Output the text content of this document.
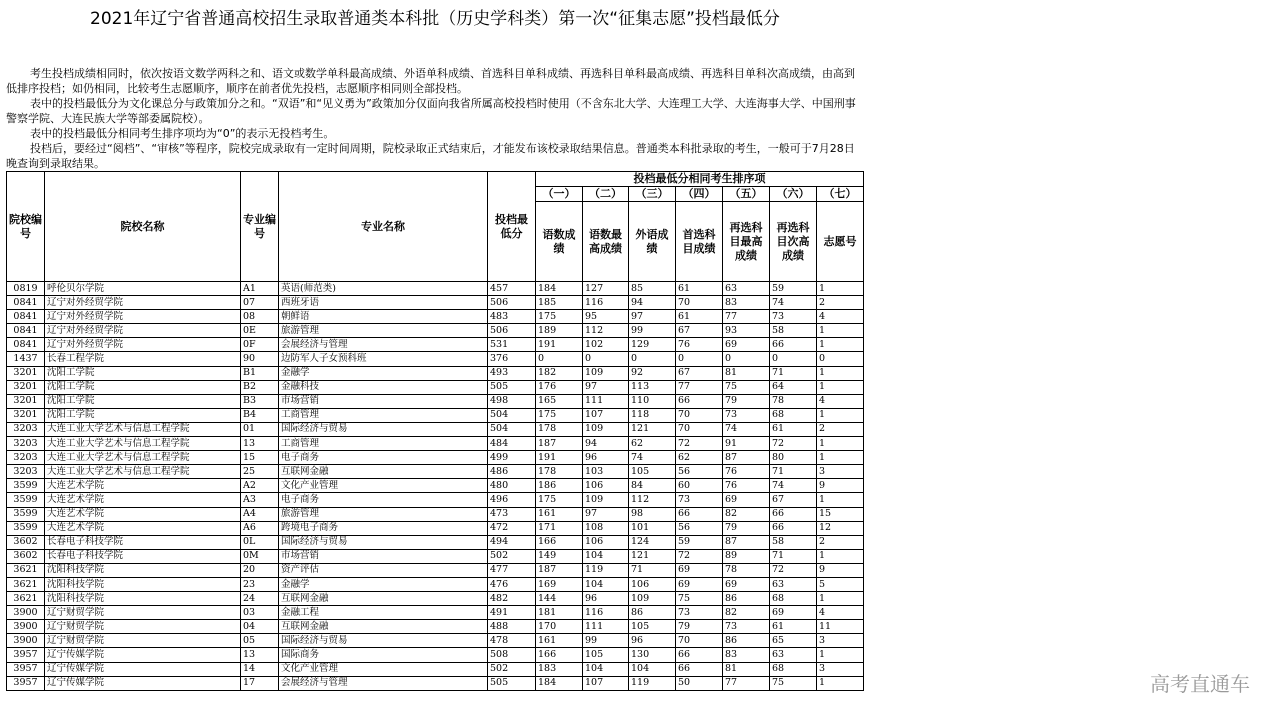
2021年辽宁省普通高校招生录取普通类本科批（历史学科类）第一次“征集志愿”投档最低分

考生投档成绩相同时，依次按语文数学两科之和、语文或数学单科最高成绩、外语单科成绩、首选科目单科成绩、再选科目单科最高成绩、再选科目单科次高成绩，由高到低排序投档；如仍相同，比较考生志愿顺序，顺序在前者优先投档，志愿顺序相同则全部投档。

表中的投档最低分为文化课总分与政策加分之和。“双语”和“见义勇为”政策加分仅面向我省所属高校投档时使用（不含东北大学、大连理工大学、大连海事大学、中国刑事警察学院、大连民族大学等部委属院校）。

表中的投档最低分相同考生排序项均为“0”的表示无投档考生。

投档后，要经过“阅档”、“审核”等程序，院校完成录取有一定时间周期，院校录取正式结束后，才能发布该校录取结果信息。普通类本科批录取的考生，一般可于7月28日晚查询到录取结果。

院校编号	院校名称	专业编号	专业名称	投档最低分	投档最低分相同考生排序项						
					（一）	（二）	（三）	（四）	（五）	（六）	（七）
					语数成绩	语数最高成绩	外语成绩	首选科目成绩	再选科目最高成绩	再选科目次高成绩	志愿号
0819	呼伦贝尔学院	A1	英语(师范类)	457	184	127	85	61	63	59	1
0841	辽宁对外经贸学院	07	西班牙语	506	185	116	94	70	83	74	2
0841	辽宁对外经贸学院	08	朝鲜语	483	175	95	97	61	77	73	4
0841	辽宁对外经贸学院	0E	旅游管理	506	189	112	99	67	93	58	1
0841	辽宁对外经贸学院	0F	会展经济与管理	531	191	102	129	76	69	66	1
1437	长春工程学院	90	边防军人子女预科班	376	0	0	0	0	0	0	0
3201	沈阳工学院	B1	金融学	493	182	109	92	67	81	71	1
3201	沈阳工学院	B2	金融科技	505	176	97	113	77	75	64	1
3201	沈阳工学院	B3	市场营销	498	165	111	110	66	79	78	4
3201	沈阳工学院	B4	工商管理	504	175	107	118	70	73	68	1
3203	大连工业大学艺术与信息工程学院	01	国际经济与贸易	504	178	109	121	70	74	61	2
3203	大连工业大学艺术与信息工程学院	13	工商管理	484	187	94	62	72	91	72	1
3203	大连工业大学艺术与信息工程学院	15	电子商务	499	191	96	74	62	87	80	1
3203	大连工业大学艺术与信息工程学院	25	互联网金融	486	178	103	105	56	76	71	3
3599	大连艺术学院	A2	文化产业管理	480	186	106	84	60	76	74	9
3599	大连艺术学院	A3	电子商务	496	175	109	112	73	69	67	1
3599	大连艺术学院	A4	旅游管理	473	161	97	98	66	82	66	15
3599	大连艺术学院	A6	跨境电子商务	472	171	108	101	56	79	66	12
3602	长春电子科技学院	0L	国际经济与贸易	494	166	106	124	59	87	58	2
3602	长春电子科技学院	0M	市场营销	502	149	104	121	72	89	71	1
3621	沈阳科技学院	20	资产评估	477	187	119	71	69	78	72	9
3621	沈阳科技学院	23	金融学	476	169	104	106	69	69	63	5
3621	沈阳科技学院	24	互联网金融	482	144	96	109	75	86	68	1
3900	辽宁财贸学院	03	金融工程	491	181	116	86	73	82	69	4
3900	辽宁财贸学院	04	互联网金融	488	170	111	105	79	73	61	11
3900	辽宁财贸学院	05	国际经济与贸易	478	161	99	96	70	86	65	3
3957	辽宁传媒学院	13	国际商务	508	166	105	130	66	83	63	1
3957	辽宁传媒学院	14	文化产业管理	502	183	104	104	66	81	68	3
3957	辽宁传媒学院	17	会展经济与管理	505	184	107	119	50	77	75	1	高考直通车
